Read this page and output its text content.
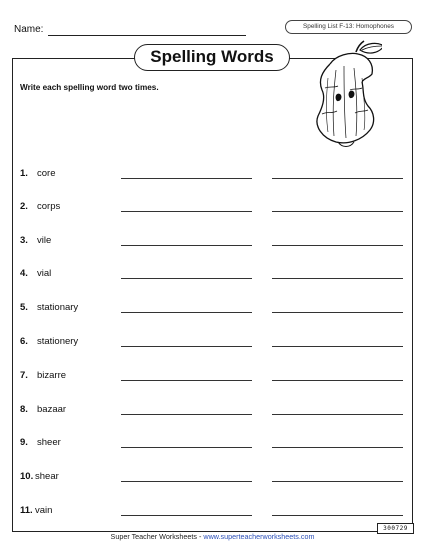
Name:	Spelling List F-13: Homophones
Spelling Words
Write each spelling word two times.
1. core
2. corps
3. vile
4. vial
5. stationary
6. stationery
7. bizarre
8. bazaar
9. sheer
10. shear
11. vain
300729
Super Teacher Worksheets - www.superteacherworksheets.com
